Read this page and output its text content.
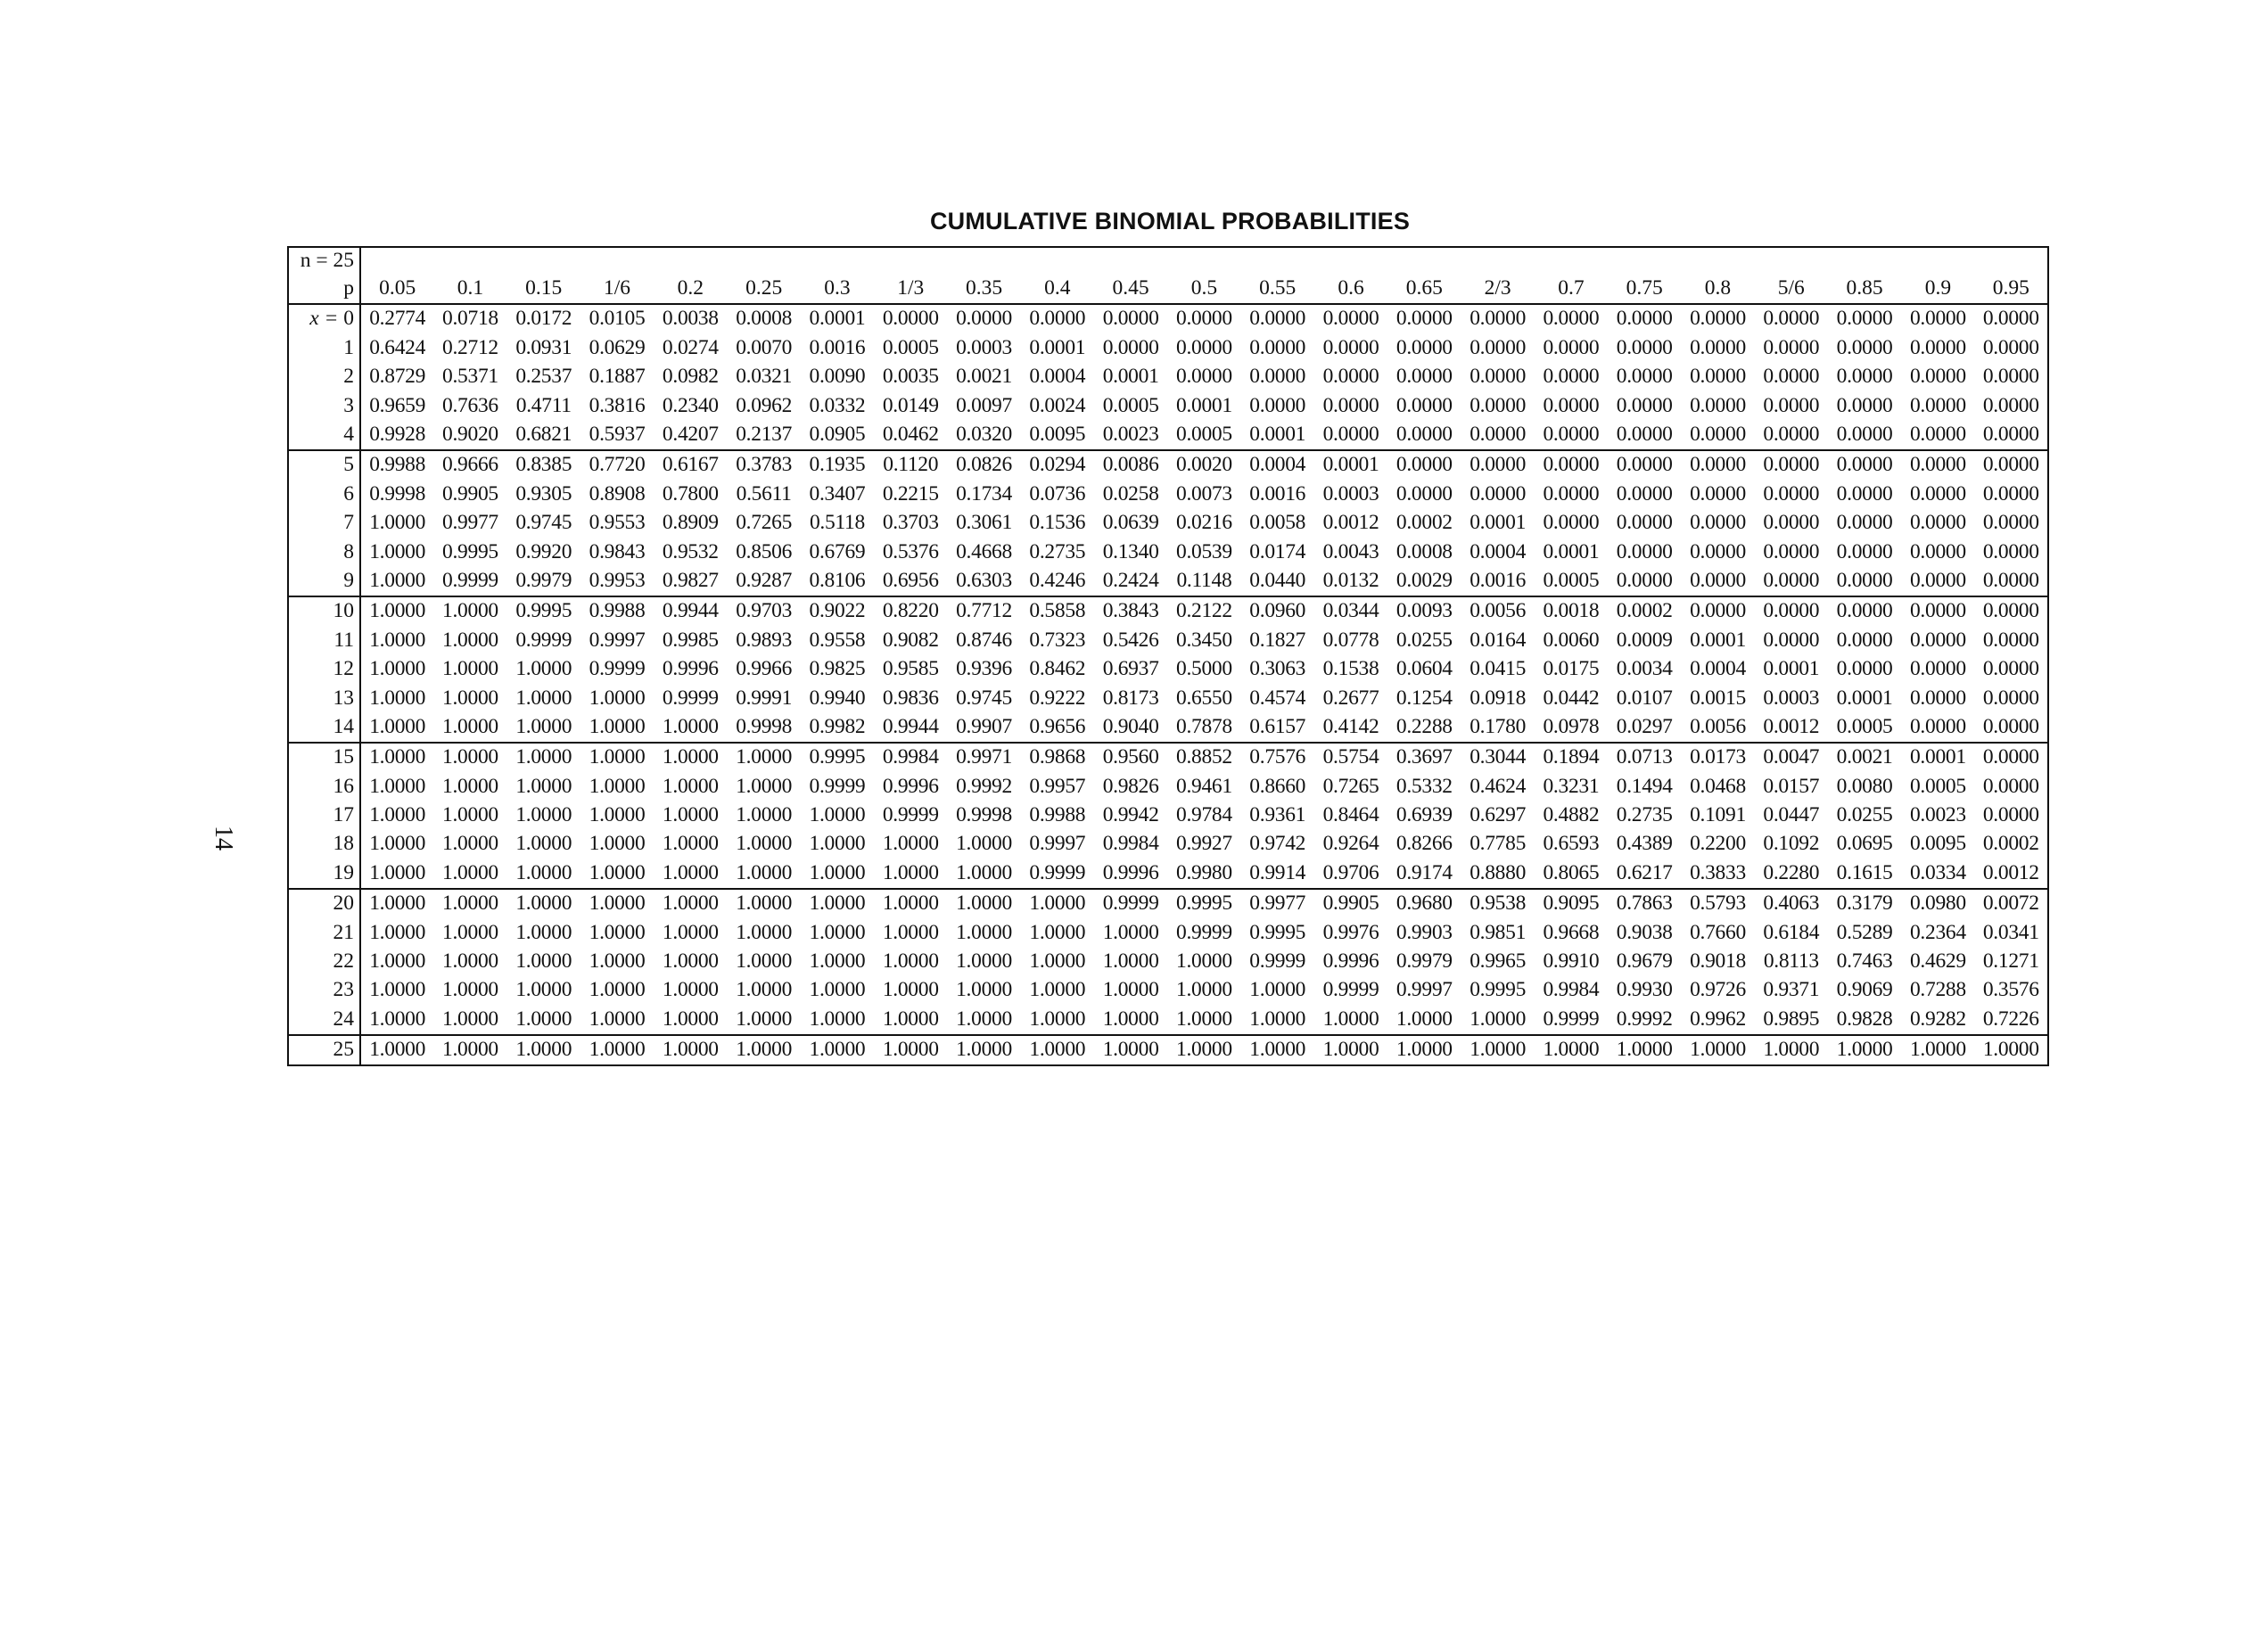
CUMULATIVE BINOMIAL PROBABILITIES
14
n = 25																							
p	0.05	0.1	0.15	1/6	0.2	0.25	0.3	1/3	0.35	0.4	0.45	0.5	0.55	0.6	0.65	2/3	0.7	0.75	0.8	5/6	0.85	0.9	0.95
x = 0	0.2774	0.0718	0.0172	0.0105	0.0038	0.0008	0.0001	0.0000	0.0000	0.0000	0.0000	0.0000	0.0000	0.0000	0.0000	0.0000	0.0000	0.0000	0.0000	0.0000	0.0000	0.0000	0.0000
1	0.6424	0.2712	0.0931	0.0629	0.0274	0.0070	0.0016	0.0005	0.0003	0.0001	0.0000	0.0000	0.0000	0.0000	0.0000	0.0000	0.0000	0.0000	0.0000	0.0000	0.0000	0.0000	0.0000
2	0.8729	0.5371	0.2537	0.1887	0.0982	0.0321	0.0090	0.0035	0.0021	0.0004	0.0001	0.0000	0.0000	0.0000	0.0000	0.0000	0.0000	0.0000	0.0000	0.0000	0.0000	0.0000	0.0000
3	0.9659	0.7636	0.4711	0.3816	0.2340	0.0962	0.0332	0.0149	0.0097	0.0024	0.0005	0.0001	0.0000	0.0000	0.0000	0.0000	0.0000	0.0000	0.0000	0.0000	0.0000	0.0000	0.0000
4	0.9928	0.9020	0.6821	0.5937	0.4207	0.2137	0.0905	0.0462	0.0320	0.0095	0.0023	0.0005	0.0001	0.0000	0.0000	0.0000	0.0000	0.0000	0.0000	0.0000	0.0000	0.0000	0.0000
5	0.9988	0.9666	0.8385	0.7720	0.6167	0.3783	0.1935	0.1120	0.0826	0.0294	0.0086	0.0020	0.0004	0.0001	0.0000	0.0000	0.0000	0.0000	0.0000	0.0000	0.0000	0.0000	0.0000
6	0.9998	0.9905	0.9305	0.8908	0.7800	0.5611	0.3407	0.2215	0.1734	0.0736	0.0258	0.0073	0.0016	0.0003	0.0000	0.0000	0.0000	0.0000	0.0000	0.0000	0.0000	0.0000	0.0000
7	1.0000	0.9977	0.9745	0.9553	0.8909	0.7265	0.5118	0.3703	0.3061	0.1536	0.0639	0.0216	0.0058	0.0012	0.0002	0.0001	0.0000	0.0000	0.0000	0.0000	0.0000	0.0000	0.0000
8	1.0000	0.9995	0.9920	0.9843	0.9532	0.8506	0.6769	0.5376	0.4668	0.2735	0.1340	0.0539	0.0174	0.0043	0.0008	0.0004	0.0001	0.0000	0.0000	0.0000	0.0000	0.0000	0.0000
9	1.0000	0.9999	0.9979	0.9953	0.9827	0.9287	0.8106	0.6956	0.6303	0.4246	0.2424	0.1148	0.0440	0.0132	0.0029	0.0016	0.0005	0.0000	0.0000	0.0000	0.0000	0.0000	0.0000
10	1.0000	1.0000	0.9995	0.9988	0.9944	0.9703	0.9022	0.8220	0.7712	0.5858	0.3843	0.2122	0.0960	0.0344	0.0093	0.0056	0.0018	0.0002	0.0000	0.0000	0.0000	0.0000	0.0000
11	1.0000	1.0000	0.9999	0.9997	0.9985	0.9893	0.9558	0.9082	0.8746	0.7323	0.5426	0.3450	0.1827	0.0778	0.0255	0.0164	0.0060	0.0009	0.0001	0.0000	0.0000	0.0000	0.0000
12	1.0000	1.0000	1.0000	0.9999	0.9996	0.9966	0.9825	0.9585	0.9396	0.8462	0.6937	0.5000	0.3063	0.1538	0.0604	0.0415	0.0175	0.0034	0.0004	0.0001	0.0000	0.0000	0.0000
13	1.0000	1.0000	1.0000	1.0000	0.9999	0.9991	0.9940	0.9836	0.9745	0.9222	0.8173	0.6550	0.4574	0.2677	0.1254	0.0918	0.0442	0.0107	0.0015	0.0003	0.0001	0.0000	0.0000
14	1.0000	1.0000	1.0000	1.0000	1.0000	0.9998	0.9982	0.9944	0.9907	0.9656	0.9040	0.7878	0.6157	0.4142	0.2288	0.1780	0.0978	0.0297	0.0056	0.0012	0.0005	0.0000	0.0000
15	1.0000	1.0000	1.0000	1.0000	1.0000	1.0000	0.9995	0.9984	0.9971	0.9868	0.9560	0.8852	0.7576	0.5754	0.3697	0.3044	0.1894	0.0713	0.0173	0.0047	0.0021	0.0001	0.0000
16	1.0000	1.0000	1.0000	1.0000	1.0000	1.0000	0.9999	0.9996	0.9992	0.9957	0.9826	0.9461	0.8660	0.7265	0.5332	0.4624	0.3231	0.1494	0.0468	0.0157	0.0080	0.0005	0.0000
17	1.0000	1.0000	1.0000	1.0000	1.0000	1.0000	1.0000	0.9999	0.9998	0.9988	0.9942	0.9784	0.9361	0.8464	0.6939	0.6297	0.4882	0.2735	0.1091	0.0447	0.0255	0.0023	0.0000
18	1.0000	1.0000	1.0000	1.0000	1.0000	1.0000	1.0000	1.0000	1.0000	0.9997	0.9984	0.9927	0.9742	0.9264	0.8266	0.7785	0.6593	0.4389	0.2200	0.1092	0.0695	0.0095	0.0002
19	1.0000	1.0000	1.0000	1.0000	1.0000	1.0000	1.0000	1.0000	1.0000	0.9999	0.9996	0.9980	0.9914	0.9706	0.9174	0.8880	0.8065	0.6217	0.3833	0.2280	0.1615	0.0334	0.0012
20	1.0000	1.0000	1.0000	1.0000	1.0000	1.0000	1.0000	1.0000	1.0000	1.0000	0.9999	0.9995	0.9977	0.9905	0.9680	0.9538	0.9095	0.7863	0.5793	0.4063	0.3179	0.0980	0.0072
21	1.0000	1.0000	1.0000	1.0000	1.0000	1.0000	1.0000	1.0000	1.0000	1.0000	1.0000	0.9999	0.9995	0.9976	0.9903	0.9851	0.9668	0.9038	0.7660	0.6184	0.5289	0.2364	0.0341
22	1.0000	1.0000	1.0000	1.0000	1.0000	1.0000	1.0000	1.0000	1.0000	1.0000	1.0000	1.0000	0.9999	0.9996	0.9979	0.9965	0.9910	0.9679	0.9018	0.8113	0.7463	0.4629	0.1271
23	1.0000	1.0000	1.0000	1.0000	1.0000	1.0000	1.0000	1.0000	1.0000	1.0000	1.0000	1.0000	1.0000	0.9999	0.9997	0.9995	0.9984	0.9930	0.9726	0.9371	0.9069	0.7288	0.3576
24	1.0000	1.0000	1.0000	1.0000	1.0000	1.0000	1.0000	1.0000	1.0000	1.0000	1.0000	1.0000	1.0000	1.0000	1.0000	1.0000	0.9999	0.9992	0.9962	0.9895	0.9828	0.9282	0.7226
25	1.0000	1.0000	1.0000	1.0000	1.0000	1.0000	1.0000	1.0000	1.0000	1.0000	1.0000	1.0000	1.0000	1.0000	1.0000	1.0000	1.0000	1.0000	1.0000	1.0000	1.0000	1.0000	1.0000
